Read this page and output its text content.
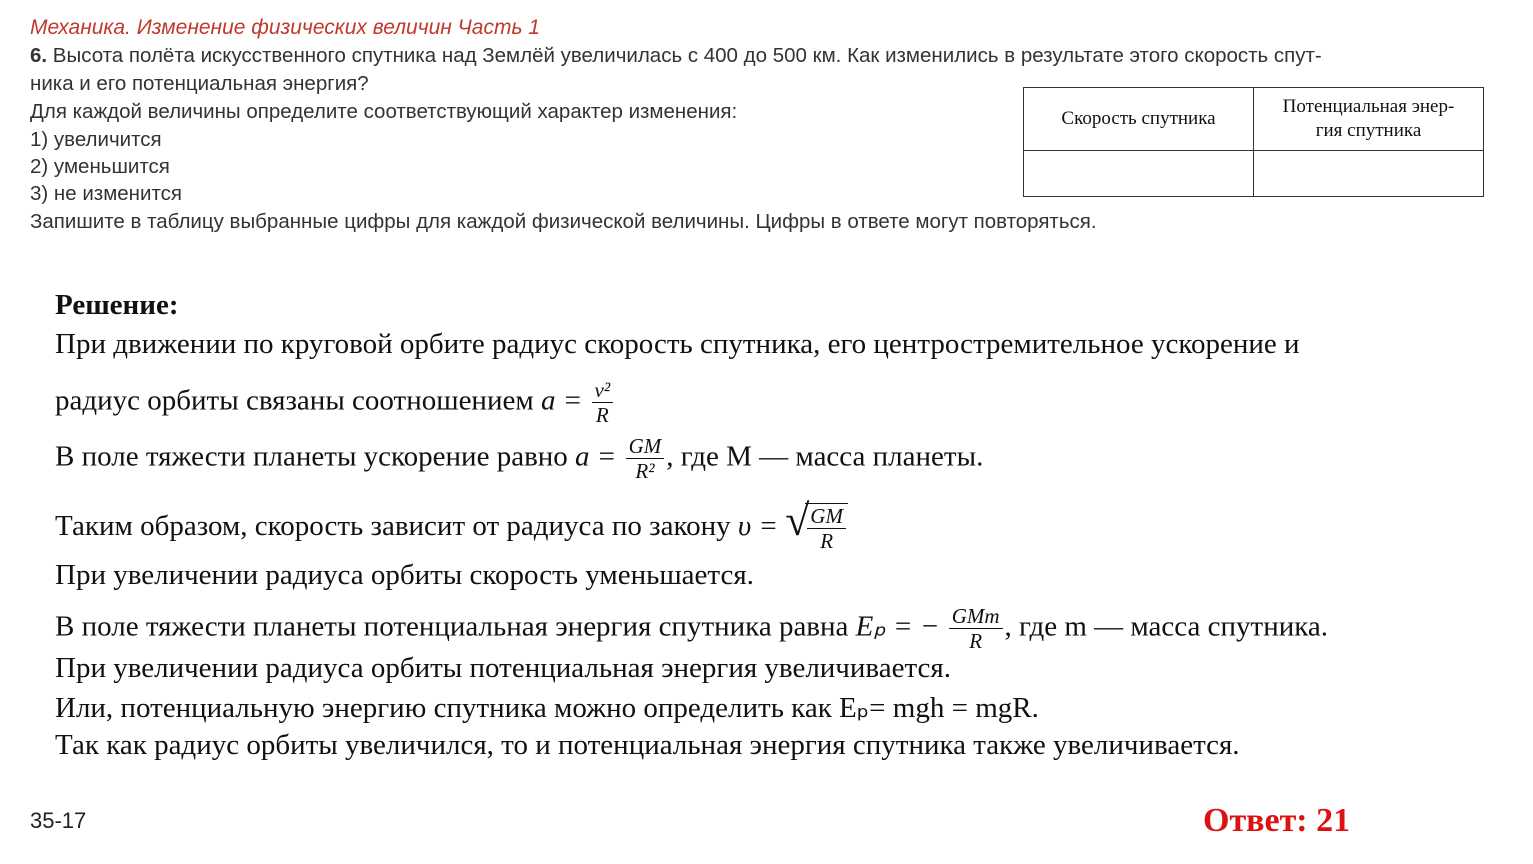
Механика. Изменение физических величин Часть 1
6. Высота полёта искусственного спутника над Землёй увеличилась с 400 до 500 км. Как изменились в результате этого скорость спут-
ника и его потенциальная энергия?
Для каждой величины определите соответствующий характер изменения:
1) увеличится
2) уменьшится
3) не изменится
Запишите в таблицу выбранные цифры для каждой физической величины. Цифры в ответе могут повторяться.
Скорость спутника	Потенциальная энер-
гия спутника

Решение:
При движении по круговой орбите радиус скорость спутника, его центростремительное ускорение и
радиус орбиты связаны соотношением $a = \frac{\text{v²}}{R}$
В поле тяжести планеты ускорение равно $a = \frac{GM}{\text{R²}}$ , где М — масса планеты.
Таким образом, скорость зависит от радиуса по закону υ = √
$\frac{GM}{R}$
При увеличении радиуса орбиты скорость уменьшается.
В поле тяжести планеты потенциальная энергия спутника равна Eₚ = − $\frac{\text{GMm}}{R}$ , где m — масса спутника.
При увеличении радиуса орбиты потенциальная энергия увеличивается.
Или, потенциальную энергию спутника можно определить как Eₚ= mgh = mgR.
Так как радиус орбиты увеличился, то и потенциальная энергия спутника также увеличивается.
35-17	Ответ: 21
